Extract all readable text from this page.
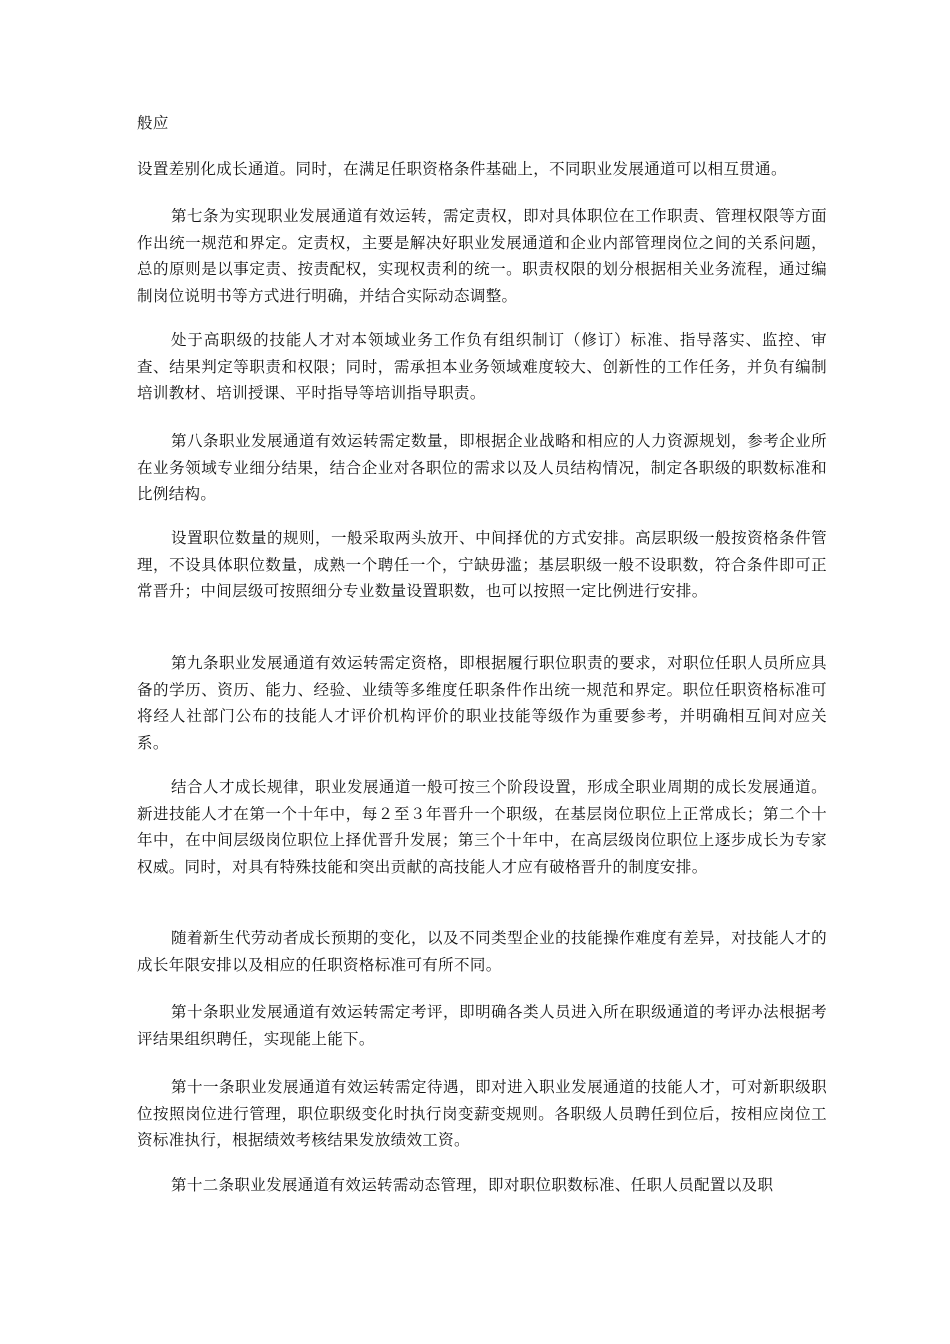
般应

设置差别化成长通道。同时，在满足任职资格条件基础上，不同职业发展通道可以相互贯通。

第七条为实现职业发展通道有效运转，需定责权，即对具体职位在工作职责、管理权限等方面作出统一规范和界定。定责权，主要是解决好职业发展通道和企业内部管理岗位之间的关系问题，总的原则是以事定责、按责配权，实现权责利的统一。职责权限的划分根据相关业务流程，通过编制岗位说明书等方式进行明确，并结合实际动态调整。

处于高职级的技能人才对本领域业务工作负有组织制订（修订）标准、指导落实、监控、审查、结果判定等职责和权限；同时，需承担本业务领域难度较大、创新性的工作任务，并负有编制培训教材、培训授课、平时指导等培训指导职责。

第八条职业发展通道有效运转需定数量，即根据企业战略和相应的人力资源规划，参考企业所在业务领域专业细分结果，结合企业对各职位的需求以及人员结构情况，制定各职级的职数标准和比例结构。

设置职位数量的规则，一般采取两头放开、中间择优的方式安排。高层职级一般按资格条件管理，不设具体职位数量，成熟一个聘任一个，宁缺毋滥；基层职级一般不设职数，符合条件即可正常晋升；中间层级可按照细分专业数量设置职数，也可以按照一定比例进行安排。

第九条职业发展通道有效运转需定资格，即根据履行职位职责的要求，对职位任职人员所应具备的学历、资历、能力、经验、业绩等多维度任职条件作出统一规范和界定。职位任职资格标准可将经人社部门公布的技能人才评价机构评价的职业技能等级作为重要参考，并明确相互间对应关系。

结合人才成长规律，职业发展通道一般可按三个阶段设置，形成全职业周期的成长发展通道。新进技能人才在第一个十年中，每２至３年晋升一个职级，在基层岗位职位上正常成长；第二个十年中，在中间层级岗位职位上择优晋升发展；第三个十年中，在高层级岗位职位上逐步成长为专家权威。同时，对具有特殊技能和突出贡献的高技能人才应有破格晋升的制度安排。

随着新生代劳动者成长预期的变化，以及不同类型企业的技能操作难度有差异，对技能人才的成长年限安排以及相应的任职资格标准可有所不同。

第十条职业发展通道有效运转需定考评，即明确各类人员进入所在职级通道的考评办法根据考评结果组织聘任，实现能上能下。

第十一条职业发展通道有效运转需定待遇，即对进入职业发展通道的技能人才，可对新职级职位按照岗位进行管理，职位职级变化时执行岗变薪变规则。各职级人员聘任到位后，按相应岗位工资标准执行，根据绩效考核结果发放绩效工资。

第十二条职业发展通道有效运转需动态管理，即对职位职数标准、任职人员配置以及职
